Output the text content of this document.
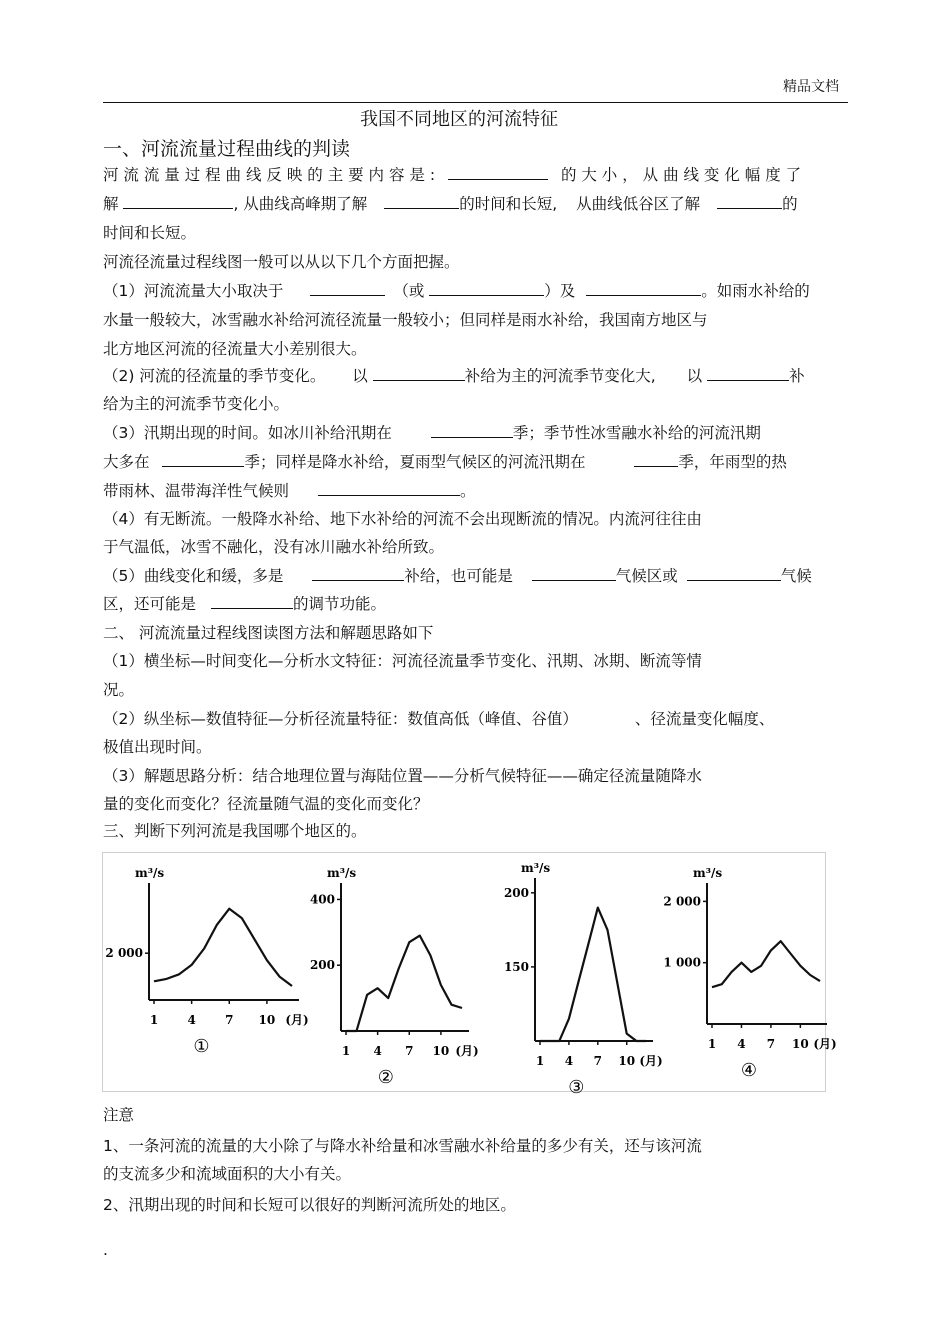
精品文档
我国不同地区的河流特征
一、河流流量过程曲线的判读
河 流 流 量 过 程 曲 线 反 映 的 主 要 内 容 是 :	的 大 小 ， 从 曲 线 变 化 幅 度 了
解	, 从曲线高峰期了解	的时间和长短, 从曲线低谷区了解	的
时间和长短。
河流径流量过程线图一般可以从以下几个方面把握。
（1）河流流量大小取决于	（或	）及	。如雨水补给的
水量一般较大，冰雪融水补给河流径流量一般较小；但同样是雨水补给，我国南方地区与
北方地区河流的径流量大小差别很大。
（2) 河流的径流量的季节变化。 以	补给为主的河流季节变化大, 以	补
给为主的河流季节变化小。
（3）汛期出现的时间。如冰川补给汛期在	季；季节性冰雪融水补给的河流汛期
大多在	季；同样是降水补给，夏雨型气候区的河流汛期在	季，年雨型的热
带雨林、温带海洋性气候则	。
（4）有无断流。一般降水补给、地下水补给的河流不会出现断流的情况。内流河往往由
于气温低，冰雪不融化，没有冰川融水补给所致。
（5）曲线变化和缓，多是	补给，也可能是	气候区或	气候
区，还可能是	的调节功能。
二、 河流流量过程线图读图方法和解题思路如下
（1）横坐标—时间变化—分析水文特征：河流径流量季节变化、汛期、冰期、断流等情
况。
（2）纵坐标—数值特征—分析径流量特征：数值高低（峰值、谷值）	、径流量变化幅度、
极值出现时间。
（3）解题思路分析：结合地理位置与海陆位置——分析气候特征——确定径流量随降水
量的变化而变化？径流量随气温的变化而变化？
三、判断下列河流是我国哪个地区的。
m³/s
2 000
1 4 7 10 (月)
①
m³/s
400
200
1 4 7 10 (月)
②
m³/s
200
150
1 4 7 10 (月)
③
m³/s
2 000
1 000
1 4 7 10 (月)
④
注意
1、一条河流的流量的大小除了与降水补给量和冰雪融水补给量的多少有关，还与该河流
的支流多少和流域面积的大小有关。
2、汛期出现的时间和长短可以很好的判断河流所处的地区。
.
